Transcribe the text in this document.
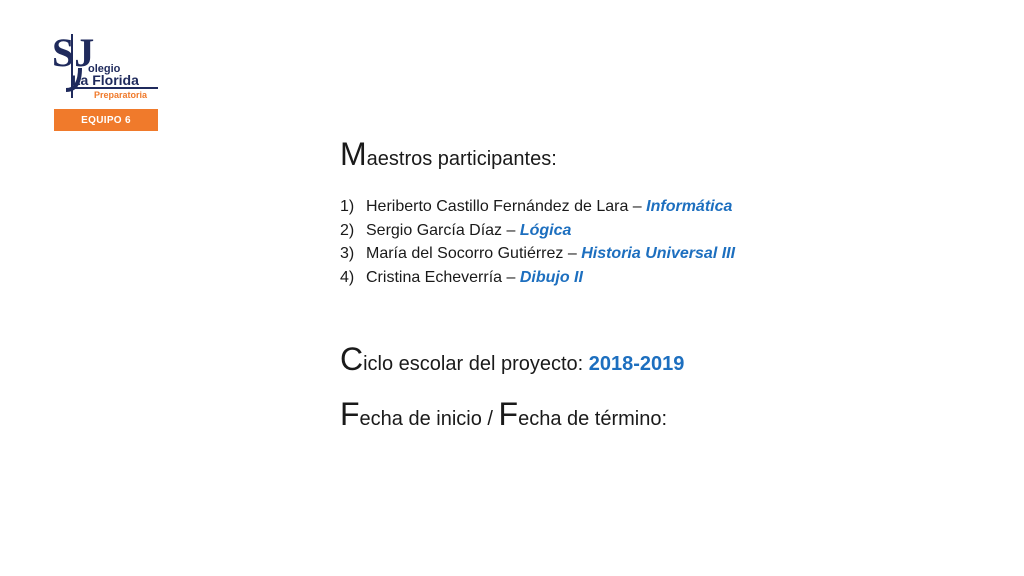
SJ
olegio
La Florida
Preparatoria
EQUIPO 6
Maestros participantes:
1) Heriberto Castillo Fernández de Lara – Informática
2) Sergio García Díaz – Lógica
3) María del Socorro Gutiérrez – Historia Universal III
4) Cristina Echeverría – Dibujo II
Ciclo escolar del proyecto: 2018-2019
Fecha de inicio / Fecha de término:
